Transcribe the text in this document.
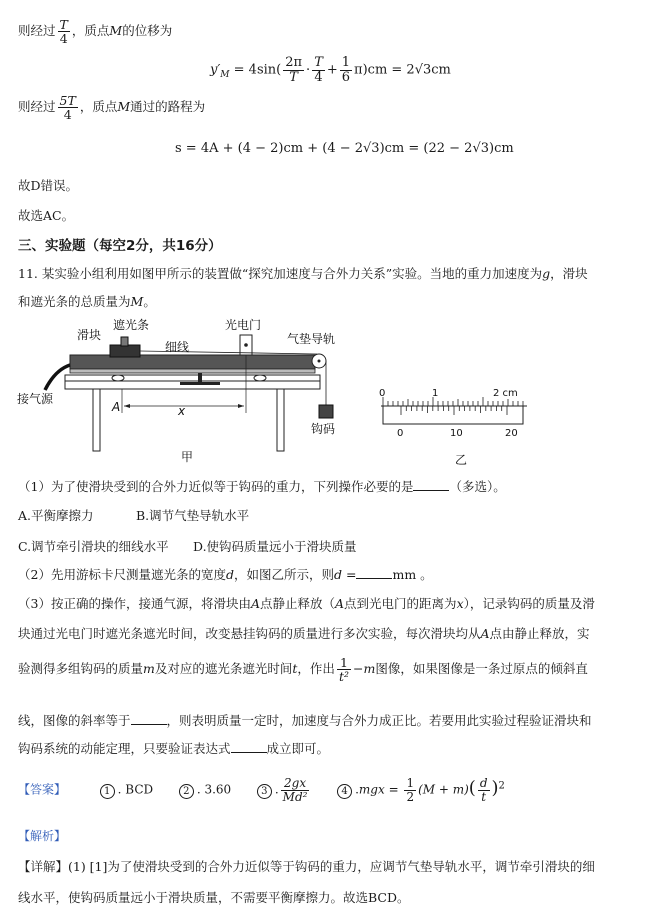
则经过 $\frac{T}{4}$ ，质点M的位移为
$y'_M = 4\sin( \frac{2\pi}{T} \cdot \frac{T}{4} + \frac{1}{6} \pi)cm = 2√3cm$
则经过 $\frac{5T}{4}$ ，质点M通过的路程为
s = 4A + (4 − 2)cm + (4 − 2√3)cm = (22 − 2√3)cm
故D错误。
故选AC。
三、实验题（每空2分，共16分）
11. 某实验小组利用如图甲所示的装置做“探究加速度与合外力关系”实验。当地的重力加速度为g，滑块
和遮光条的总质量为M。
滑块
遮光条	光电门
气垫导轨
细线
接气源
A	x
钩码
甲
0	1	2 cm
0	10	20
乙
（1）为了使滑块受到的合外力近似等于钩码的重力，下列操作必要的是	（多选）。
A.平衡摩擦力	B.调节气垫导轨水平
C.调节牵引滑块的细线水平 D.使钩码质量远小于滑块质量
（2）先用游标卡尺测量遮光条的宽度d，如图乙所示，则d =	mm 。
（3）按正确的操作，接通气源，将滑块由A点静止释放（A点到光电门的距离为x），记录钩码的质量及滑
块通过光电门时遮光条遮光时间，改变悬挂钩码的质量进行多次实验，每次滑块均从A点由静止释放，实
验测得多组钩码的质量m及对应的遮光条遮光时间t，作出 $\frac{1}{\text{t²}} -m$图像，如果图像是一条过原点的倾斜直
线，图像的斜率等于	，则表明质量一定时，加速度与合外力成正比。若要用此实验过程验证滑块和
钩码系统的动能定理，只要验证表达式	成立即可。
【答案】	1 . BCD	2 . 3.60	3 . $\frac{2gx}{\text{Md²}}$	4 $.mgx = \frac{1}{2} (M + m)( \frac{d}{t} )^2$
【解析】
【详解】(1) [1]为了使滑块受到的合外力近似等于钩码的重力，应调节气垫导轨水平，调节牵引滑块的细
线水平，使钩码质量远小于滑块质量，不需要平衡摩擦力。故选BCD。
